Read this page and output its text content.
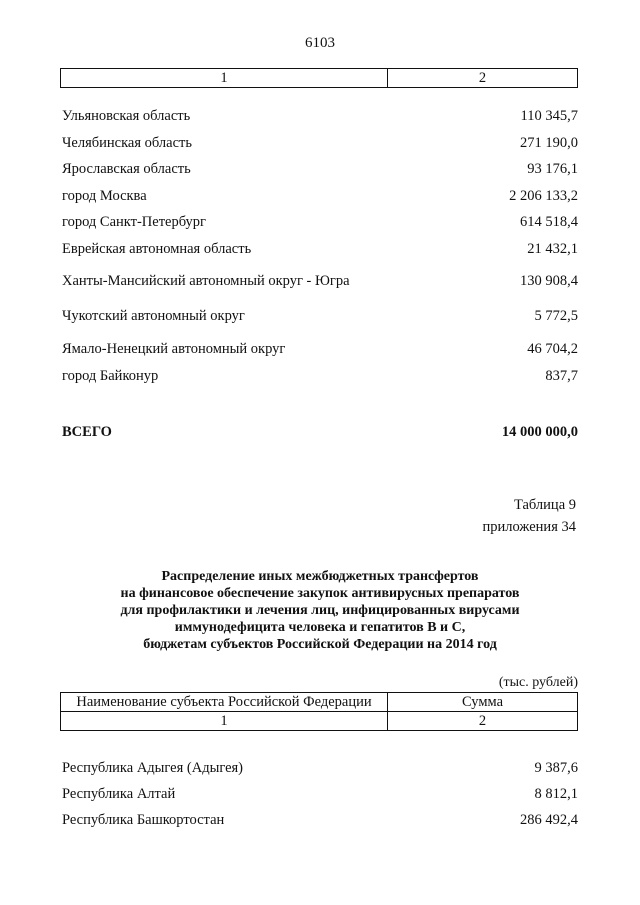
6103
1	2
Ульяновская область	110 345,7
Челябинская область	271 190,0
Ярославская область	93 176,1
город Москва	2 206 133,2
город Санкт-Петербург	614 518,4
Еврейская автономная область	21 432,1
Ханты-Мансийский автономный округ - Югра	130 908,4
Чукотский автономный округ	5 772,5
Ямало-Ненецкий автономный округ	46 704,2
город Байконур	837,7
ВСЕГО	14 000 000,0
Таблица 9
приложения 34
Распределение иных межбюджетных трансфертов
на финансовое обеспечение закупок антивирусных препаратов
для профилактики и лечения лиц, инфицированных вирусами
иммунодефицита человека и гепатитов В и С,
бюджетам субъектов Российской Федерации на 2014 год
(тыс. рублей)
Наименование субъекта Российской Федерации	Сумма
1	2
Республика Адыгея (Адыгея)	9 387,6
Республика Алтай	8 812,1
Республика Башкортостан	286 492,4
